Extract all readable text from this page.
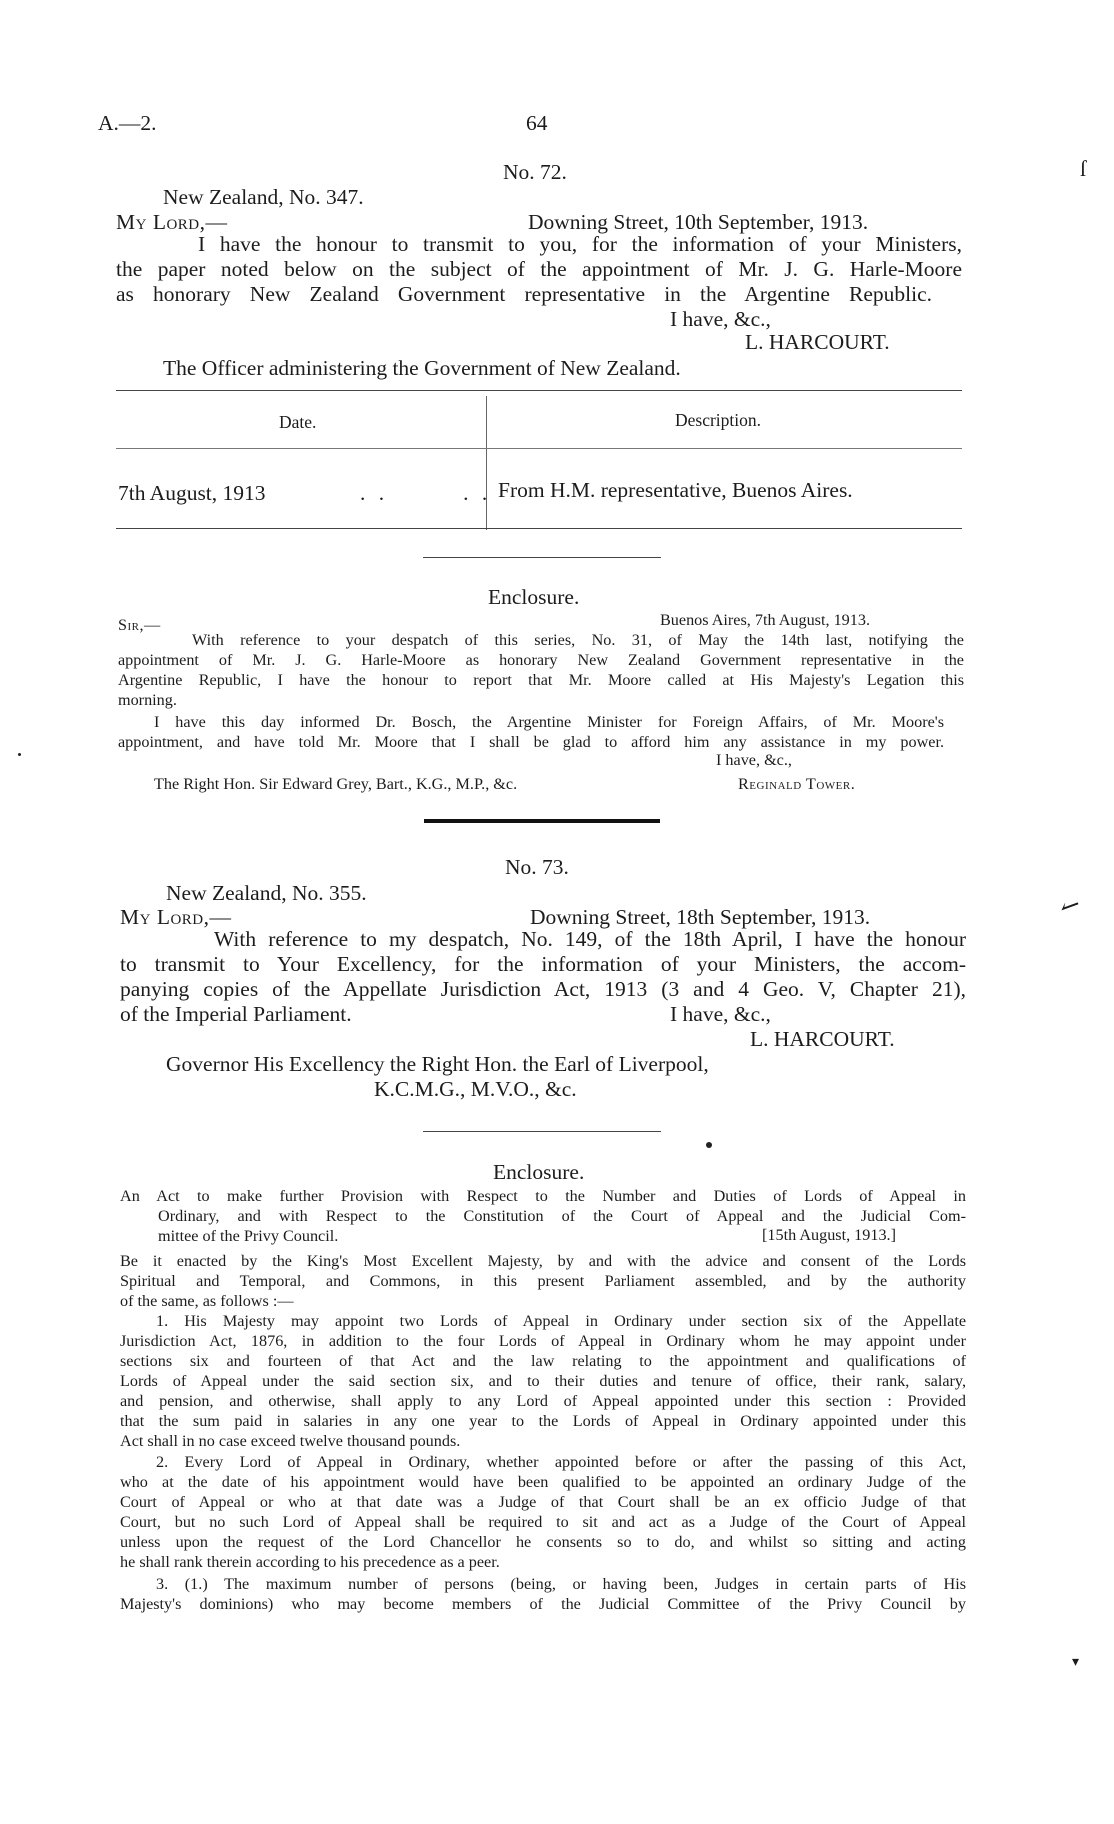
A.—2.	64
No. 72.
New Zealand, No. 347.
My Lord,—	Downing Street, 10th September, 1913.
I have the honour to transmit to you, for the information of your Ministers,
the paper noted below on the subject of the appointment of Mr. J. G. Harle-Moore
as honorary New Zealand Government representative in the Argentine Republic.
I have, &c.,
L. HARCOURT.
The Officer administering the Government of New Zealand.
Date.	Description.
7th August, 1913	. .        . . From H.M. representative, Buenos Aires.
Enclosure.
Sir,—	Buenos Aires, 7th August, 1913.
With reference to your despatch of this series, No. 31, of May the 14th last, notifying the
appointment of Mr. J. G. Harle-Moore as honorary New Zealand Government representative in the
Argentine Republic, I have the honour to report that Mr. Moore called at His Majesty's Legation this
morning.
I have this day informed Dr. Bosch, the Argentine Minister for Foreign Affairs, of Mr. Moore's
appointment, and have told Mr. Moore that I shall be glad to afford him any assistance in my power.
I have, &c.,
The Right Hon. Sir Edward Grey, Bart., K.G., M.P., &c.	Reginald Tower.
No. 73.
New Zealand, No. 355.
My Lord,—	Downing Street, 18th September, 1913.
With reference to my despatch, No. 149, of the 18th April, I have the honour
to transmit to Your Excellency, for the information of your Ministers, the accom-
panying copies of the Appellate Jurisdiction Act, 1913 (3 and 4 Geo. V, Chapter 21),
of the Imperial Parliament.	I have, &c.,
L. HARCOURT.
Governor His Excellency the Right Hon. the Earl of Liverpool,
K.C.M.G., M.V.O., &c.
Enclosure.
An Act to make further Provision with Respect to the Number and Duties of Lords of Appeal in
Ordinary, and with Respect to the Constitution of the Court of Appeal and the Judicial Com-
mittee of the Privy Council.	[15th August, 1913.]
Be it enacted by the King's Most Excellent Majesty, by and with the advice and consent of the Lords
Spiritual and Temporal, and Commons, in this present Parliament assembled, and by the authority
of the same, as follows :—
1. His Majesty may appoint two Lords of Appeal in Ordinary under section six of the Appellate
Jurisdiction Act, 1876, in addition to the four Lords of Appeal in Ordinary whom he may appoint under
sections six and fourteen of that Act and the law relating to the appointment and qualifications of
Lords of Appeal under the said section six, and to their duties and tenure of office, their rank, salary,
and pension, and otherwise, shall apply to any Lord of Appeal appointed under this section : Provided
that the sum paid in salaries in any one year to the Lords of Appeal in Ordinary appointed under this
Act shall in no case exceed twelve thousand pounds.
2. Every Lord of Appeal in Ordinary, whether appointed before or after the passing of this Act,
who at the date of his appointment would have been qualified to be appointed an ordinary Judge of the
Court of Appeal or who at that date was a Judge of that Court shall be an ex officio Judge of that
Court, but no such Lord of Appeal shall be required to sit and act as a Judge of the Court of Appeal
unless upon the request of the Lord Chancellor he consents so to do, and whilst so sitting and acting
he shall rank therein according to his precedence as a peer.
3. (1.) The maximum number of persons (being, or having been, Judges in certain parts of His
Majesty's dominions) who may become members of the Judicial Committee of the Privy Council by
ſ
↼
▾
